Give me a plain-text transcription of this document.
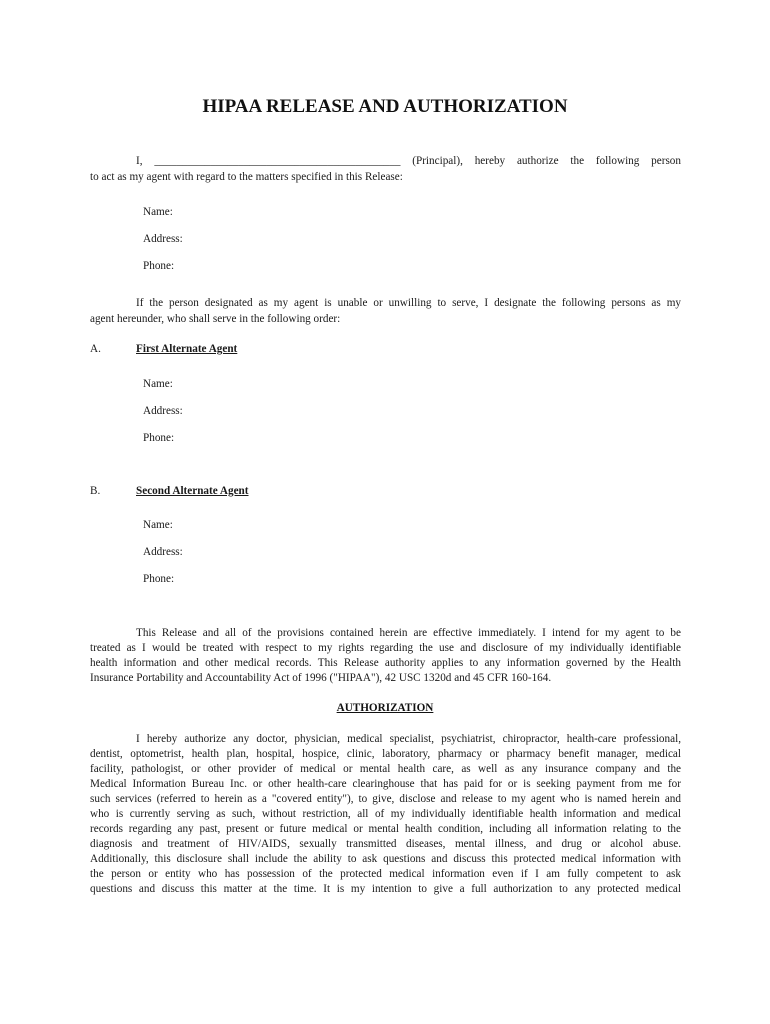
HIPAA RELEASE AND AUTHORIZATION
I, ____________________________________________ (Principal), hereby authorize the following person
to act as my agent with regard to the matters specified in this Release:
Name:
Address:
Phone:
If the person designated as my agent is unable or unwilling to serve, I designate the following persons as my
agent hereunder, who shall serve in the following order:
A.	First Alternate Agent
Name:
Address:
Phone:
B.	Second Alternate Agent
Name:
Address:
Phone:
This Release and all of the provisions contained herein are effective immediately. I intend for my agent to be
treated as I would be treated with respect to my rights regarding the use and disclosure of my individually identifiable
health information and other medical records. This Release authority applies to any information governed by the Health
Insurance Portability and Accountability Act of 1996 ("HIPAA"), 42 USC 1320d and 45 CFR 160-164.
AUTHORIZATION
I hereby authorize any doctor, physician, medical specialist, psychiatrist, chiropractor, health-care professional,
dentist, optometrist, health plan, hospital, hospice, clinic, laboratory, pharmacy or pharmacy benefit manager, medical
facility, pathologist, or other provider of medical or mental health care, as well as any insurance company and the
Medical Information Bureau Inc. or other health-care clearinghouse that has paid for or is seeking payment from me for
such services (referred to herein as a "covered entity"), to give, disclose and release to my agent who is named herein and
who is currently serving as such, without restriction, all of my individually identifiable health information and medical
records regarding any past, present or future medical or mental health condition, including all information relating to the
diagnosis and treatment of HIV/AIDS, sexually transmitted diseases, mental illness, and drug or alcohol abuse.
Additionally, this disclosure shall include the ability to ask questions and discuss this protected medical information with
the person or entity who has possession of the protected medical information even if I am fully competent to ask
questions and discuss this matter at the time. It is my intention to give a full authorization to any protected medical
